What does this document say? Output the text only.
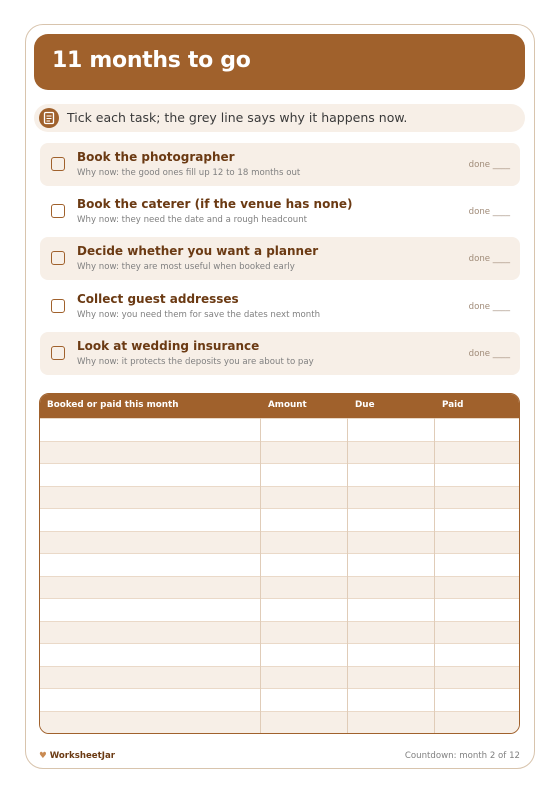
11 months to go
Tick each task; the grey line says why it happens now.
Book the photographer
Why now: the good ones fill up 12 to 18 months out
done ____
Book the caterer (if the venue has none)
Why now: they need the date and a rough headcount
done ____
Decide whether you want a planner
Why now: they are most useful when booked early
done ____
Collect guest addresses
Why now: you need them for save the dates next month
done ____
Look at wedding insurance
Why now: it protects the deposits you are about to pay
done ____
Booked or paid this month	Amount	Due	Paid
♥ WorksheetJar	Countdown: month 2 of 12
